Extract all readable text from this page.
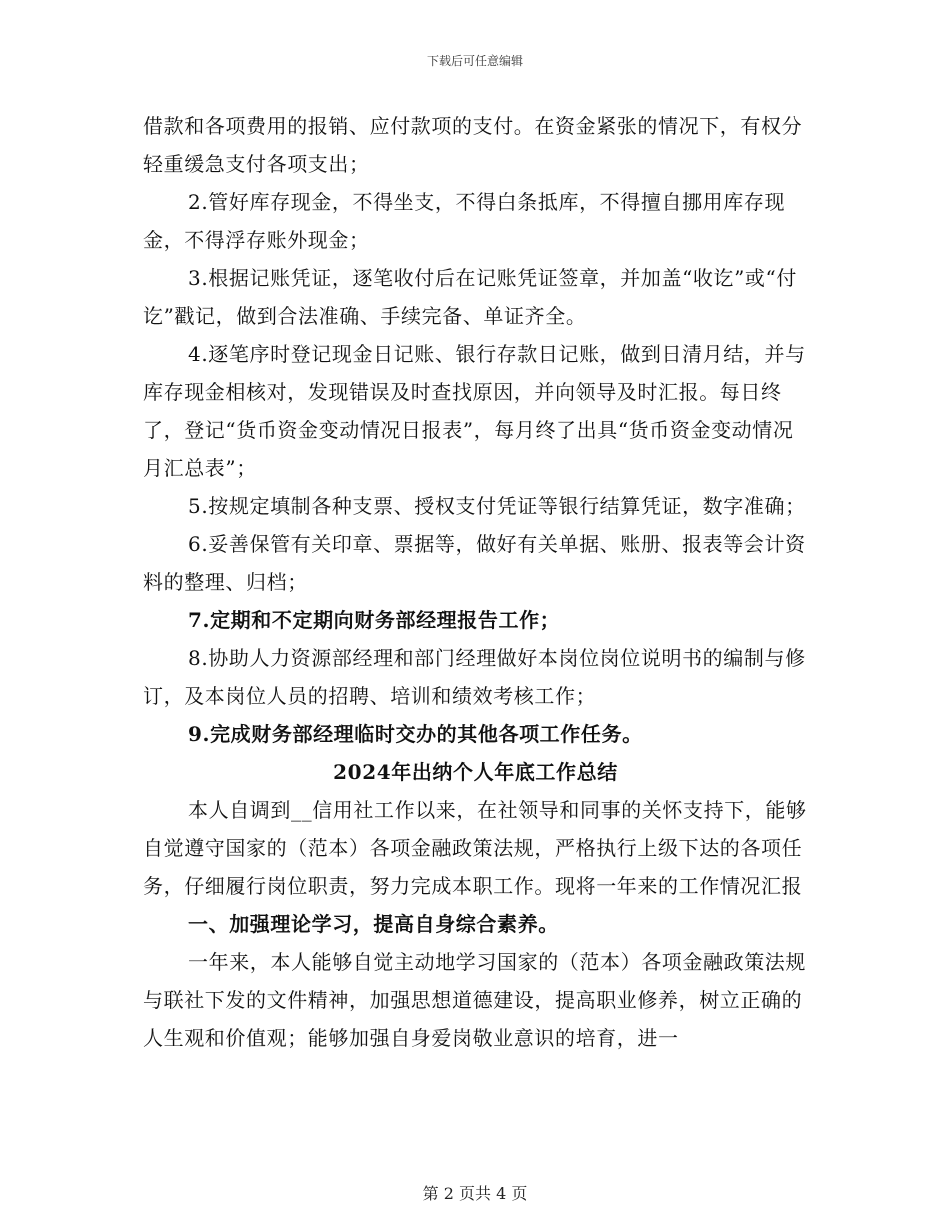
下载后可任意编辑

借款和各项费用的报销、应付款项的支付。在资金紧张的情况下，有权分轻重缓急支付各项支出；

2.管好库存现金，不得坐支，不得白条抵库，不得擅自挪用库存现金，不得浮存账外现金；

3.根据记账凭证，逐笔收付后在记账凭证签章，并加盖“收讫”或“付讫”戳记，做到合法准确、手续完备、单证齐全。

4.逐笔序时登记现金日记账、银行存款日记账，做到日清月结，并与库存现金相核对，发现错误及时查找原因，并向领导及时汇报。每日终了，登记“货币资金变动情况日报表”，每月终了出具“货币资金变动情况月汇总表”；

5.按规定填制各种支票、授权支付凭证等银行结算凭证，数字准确；

6.妥善保管有关印章、票据等，做好有关单据、账册、报表等会计资料的整理、归档；

7.定期和不定期向财务部经理报告工作；

8.协助人力资源部经理和部门经理做好本岗位岗位说明书的编制与修订，及本岗位人员的招聘、培训和绩效考核工作；

9.完成财务部经理临时交办的其他各项工作任务。

2024年出纳个人年底工作总结

本人自调到__信用社工作以来，在社领导和同事的关怀支持下，能够自觉遵守国家的（范本）各项金融政策法规，严格执行上级下达的各项任务，仔细履行岗位职责，努力完成本职工作。现将一年来的工作情况汇报

一、加强理论学习，提高自身综合素养。

一年来，本人能够自觉主动地学习国家的（范本）各项金融政策法规与联社下发的文件精神，加强思想道德建设，提高职业修养，树立正确的人生观和价值观；能够加强自身爱岗敬业意识的培育，进一

第 2 页共 4 页
